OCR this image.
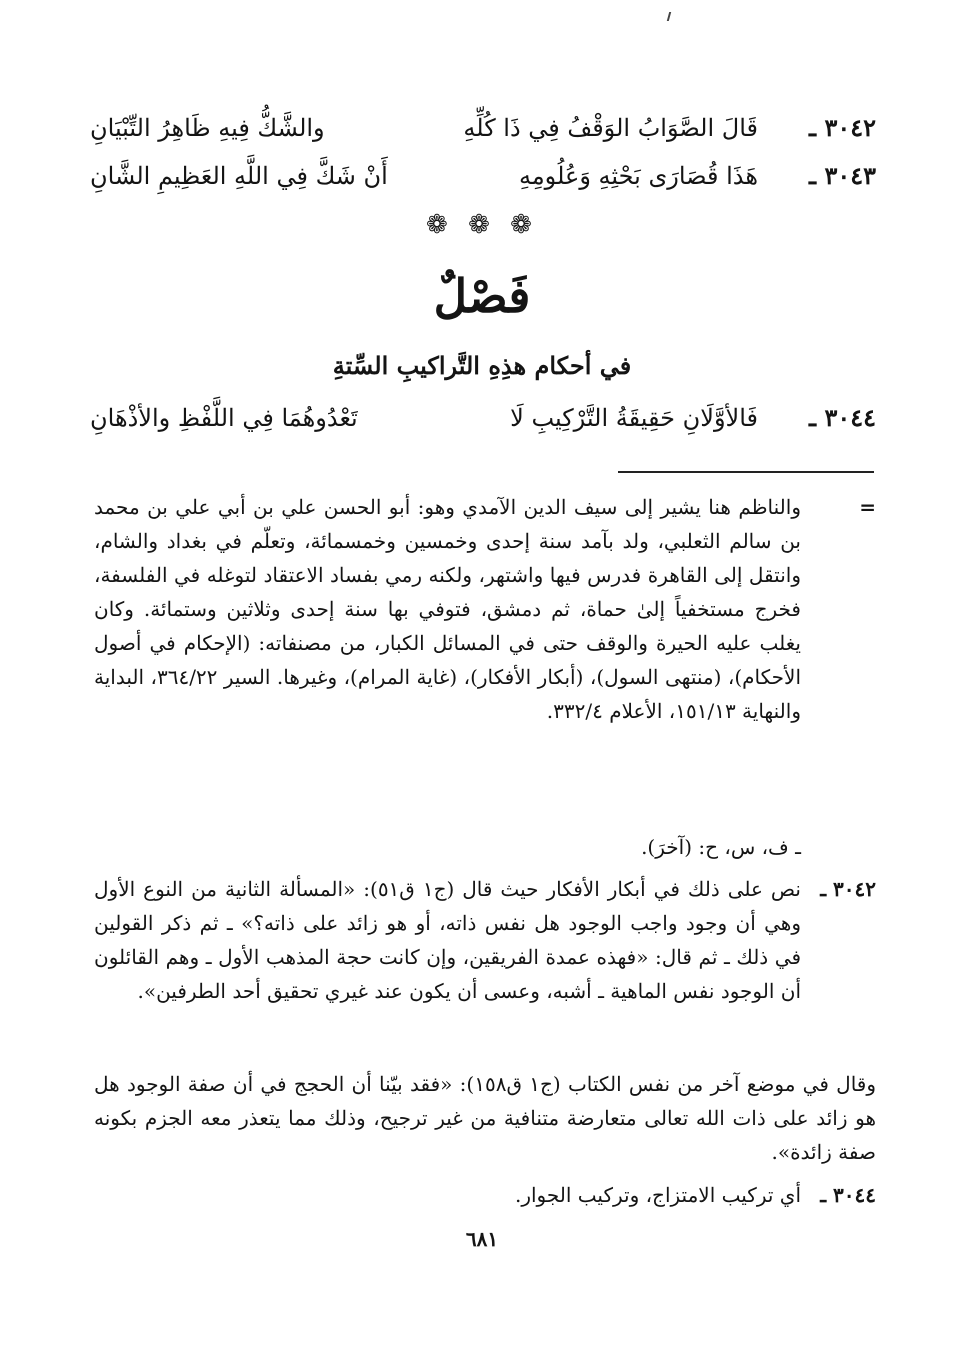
٣٠٤٢ ـ
قَالَ الصَّوَابُ الوَقْفُ فِي ذَا كُلِّهِ
والشَّكُّ فِيهِ ظَاهِرُ التِّبْيَانِ
٣٠٤٣ ـ
هَذَا قُصَارَى بَحْثِهِ وَعُلُومِهِ
أَنْ شَكَّ فِي اللَّهِ العَظِيمِ الشَّانِ
❁ ❁ ❁
فَصْلٌ
في أحكام هذِهِ التَّراكيبِ السِّتةِ
٣٠٤٤ ـ
فَالأوَّلَانِ حَقِيقَةُ التَّرْكِيبِ لَا
تَعْدُوهُمَا فِي اللَّفْظِ والأذْهَانِ
=
والناظم هنا يشير إلى سيف الدين الآمدي وهو: أبو الحسن علي بن أبي علي بن محمد بن سالم الثعلبي، ولد بآمد سنة إحدى وخمسين وخمسمائة، وتعلّم في بغداد والشام، وانتقل إلى القاهرة فدرس فيها واشتهر، ولكنه رمي بفساد الاعتقاد لتوغله في الفلسفة، فخرج مستخفياً إلىٰ حماة، ثم دمشق، فتوفي بها سنة إحدى وثلاثين وستمائة. وكان يغلب عليه الحيرة والوقف حتى في المسائل الكبار، من مصنفاته: (الإحكام في أصول الأحكام)، (منتهى السول)، (أبكار الأفكار)، (غاية المرام)، وغيرها. السير ٣٦٤/٢٢، البداية والنهاية ١٥١/١٣، الأعلام ٣٣٢/٤.
ـ ف، س، ح: (آخرَ).
٣٠٤٢ ـ
نص على ذلك في أبكار الأفكار حيث قال (ج١ ق٥١): «المسألة الثانية من النوع الأول وهي أن وجود واجب الوجود هل نفس ذاته، أو هو زائد على ذاته؟» ـ ثم ذكر القولين في ذلك ـ ثم قال: «فهذه عمدة الفريقين، وإن كانت حجة المذهب الأول ـ وهم القائلون أن الوجود نفس الماهية ـ أشبه، وعسى أن يكون عند غيري تحقيق أحد الطرفين».
وقال في موضع آخر من نفس الكتاب (ج١ ق١٥٨): «فقد بيّنا أن الحجج في أن صفة الوجود هل هو زائد على ذات الله تعالى متعارضة متنافية من غير ترجيح، وذلك مما يتعذر معه الجزم بكونه صفة زائدة».
٣٠٤٤ ـ
أي تركيب الامتزاج، وتركيب الجوار.
٦٨١
